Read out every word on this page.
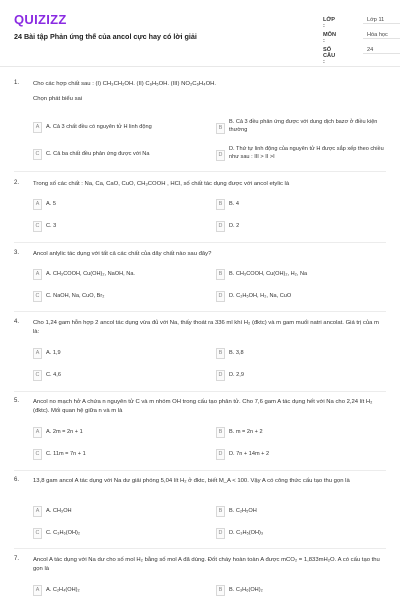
QUIZIZZ
24 Bài tập Phản ứng thế của ancol cực hay có lời giải
LỚP :
Lớp 11
MÔN :
Hóa học
SỐ CÂU :
24
1. Cho các hợp chất sau : (I) CH₃CH₂OH. (II) C₆H₅OH. (III) NO₂C₆H₄OH.
Chọn phát biểu sai
A	A. Cả 3 chất đều có nguyên tử H linh động	B
B. Cả 3 đều phản ứng được với dung dịch bazơ ở điều kiện thường
C	C. Cả ba chất đều phản ứng được với Na	D
D. Thứ tự linh động của nguyên tử H được sắp xếp theo chiều như sau : III > II >I
2. Trong số các chất : Na, Ca, CaO, CuO, CH₃COOH , HCl, số chất tác dụng được với ancol etylic là
A	A. 5	B	B. 4
C	C. 3	D	D. 2
3. Ancol anlylic tác dụng với tất cả các chất của dãy chất nào sau đây?
A	A. CH₃COOH, Cu(OH)₂, NaOH, Na.	B	B. CH₃COOH, Cu(OH)₂, H₂, Na
C	C. NaOH, Na, CuO, Br₂	D	D. C₂H₅OH, H₂, Na, CuO
4. Cho 1,24 gam hỗn hợp 2 ancol tác dụng vừa đủ với Na, thấy thoát ra 336 ml khí H₂ (đktc) và m gam muối natri ancolat. Giá trị của m là:
A	A. 1,9	B	B. 3,8
C	C. 4,6	D	D. 2,9
5. Ancol no mạch hở A chứa n nguyên tử C và m nhóm OH trong cấu tạo phân tử. Cho 7,6 gam A tác dụng hết với Na cho 2,24 lít H₂ (đktc). Mối quan hệ giữa n và m là
A	A. 2m = 2n + 1	B	B. m = 2n + 2
C	C. 11m = 7n + 1	D	D. 7n + 14m + 2
6. 13,8 gam ancol A tác dụng với Na dư giải phóng 5,04 lít H₂ ở đktc, biết M_A < 100. Vậy A có công thức cấu tạo thu gọn là
A	A. CH₃OH	B	B. C₂H₅OH
C	C. C₃H₆(OH)₂	D	D. C₃H₅(OH)₃
7. Ancol A tác dụng với Na dư cho số mol H₂ bằng số mol A đã dùng. Đốt cháy hoàn toàn A được mCO₂ = 1,833mH₂O. A có cấu tạo thu gọn là
A	A. C₂H₄(OH)₂	B	B. C₃H₆(OH)₂
